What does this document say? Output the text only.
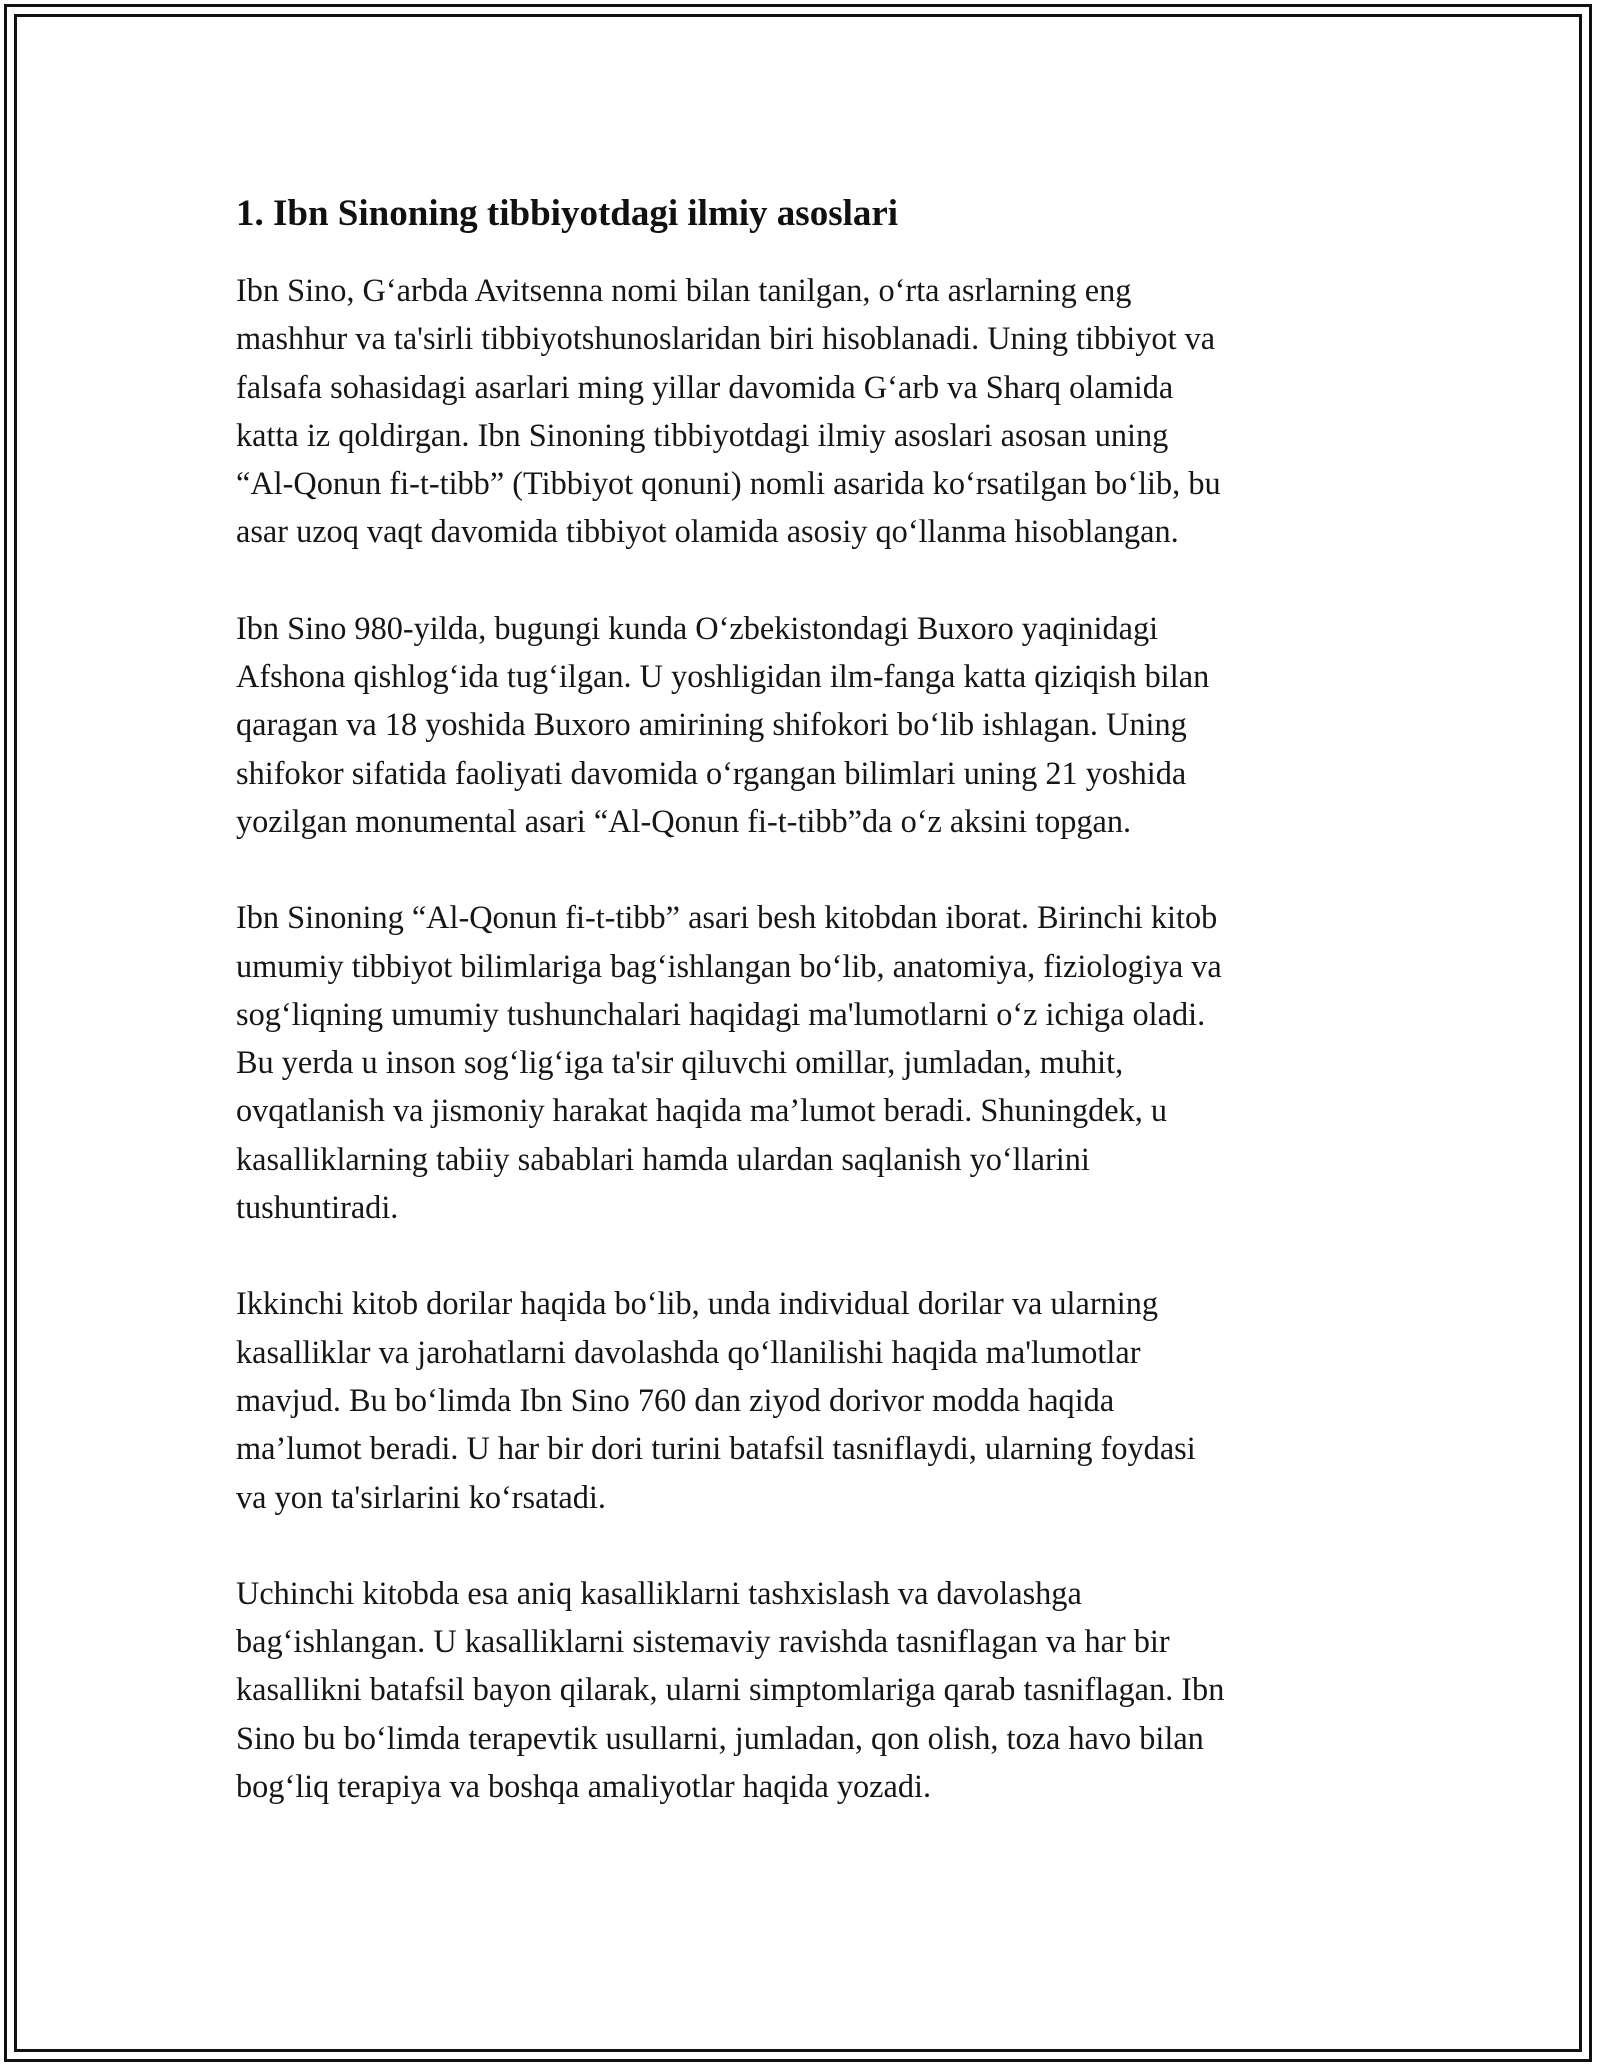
1. Ibn Sinoning tibbiyotdagi ilmiy asoslari

Ibn Sino, G‘arbda Avitsenna nomi bilan tanilgan, o‘rta asrlarning eng
mashhur va ta'sirli tibbiyotshunoslaridan biri hisoblanadi. Uning tibbiyot va
falsafa sohasidagi asarlari ming yillar davomida G‘arb va Sharq olamida
katta iz qoldirgan. Ibn Sinoning tibbiyotdagi ilmiy asoslari asosan uning
“Al-Qonun fi-t-tibb” (Tibbiyot qonuni) nomli asarida ko‘rsatilgan bo‘lib, bu
asar uzoq vaqt davomida tibbiyot olamida asosiy qo‘llanma hisoblangan.

Ibn Sino 980-yilda, bugungi kunda O‘zbekistondagi Buxoro yaqinidagi
Afshona qishlog‘ida tug‘ilgan. U yoshligidan ilm-fanga katta qiziqish bilan
qaragan va 18 yoshida Buxoro amirining shifokori bo‘lib ishlagan. Uning
shifokor sifatida faoliyati davomida o‘rgangan bilimlari uning 21 yoshida
yozilgan monumental asari “Al-Qonun fi-t-tibb”da o‘z aksini topgan.

Ibn Sinoning “Al-Qonun fi-t-tibb” asari besh kitobdan iborat. Birinchi kitob
umumiy tibbiyot bilimlariga bag‘ishlangan bo‘lib, anatomiya, fiziologiya va
sog‘liqning umumiy tushunchalari haqidagi ma'lumotlarni o‘z ichiga oladi.
Bu yerda u inson sog‘lig‘iga ta'sir qiluvchi omillar, jumladan, muhit,
ovqatlanish va jismoniy harakat haqida ma’lumot beradi. Shuningdek, u
kasalliklarning tabiiy sabablari hamda ulardan saqlanish yo‘llarini
tushuntiradi.

Ikkinchi kitob dorilar haqida bo‘lib, unda individual dorilar va ularning
kasalliklar va jarohatlarni davolashda qo‘llanilishi haqida ma'lumotlar
mavjud. Bu bo‘limda Ibn Sino 760 dan ziyod dorivor modda haqida
ma’lumot beradi. U har bir dori turini batafsil tasniflaydi, ularning foydasi
va yon ta'sirlarini ko‘rsatadi.

Uchinchi kitobda esa aniq kasalliklarni tashxislash va davolashga
bag‘ishlangan. U kasalliklarni sistemaviy ravishda tasniflagan va har bir
kasallikni batafsil bayon qilarak, ularni simptomlariga qarab tasniflagan. Ibn
Sino bu bo‘limda terapevtik usullarni, jumladan, qon olish, toza havo bilan
bog‘liq terapiya va boshqa amaliyotlar haqida yozadi.
